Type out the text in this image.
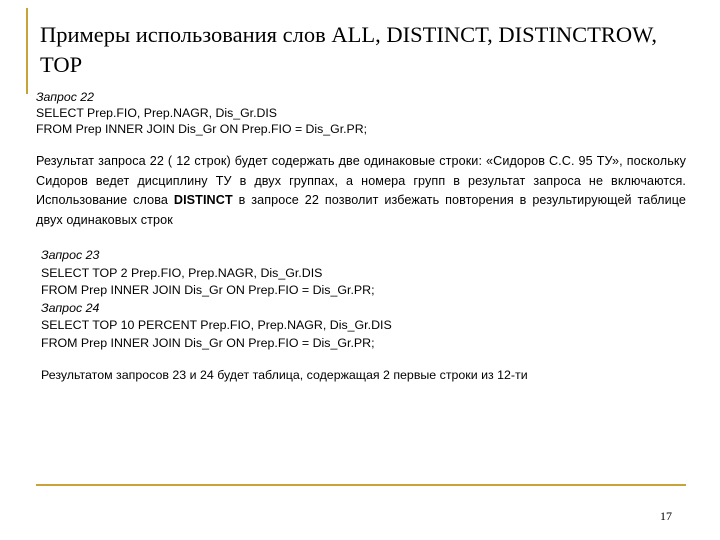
Примеры использования слов ALL, DISTINCT, DISTINCTROW, TOP
Запрос 22
SELECT Prep.FIO, Prep.NAGR, Dis_Gr.DIS
FROM Prep INNER JOIN Dis_Gr ON Prep.FIO = Dis_Gr.PR;
Результат запроса 22 ( 12 строк) будет содержать две одинаковые строки: «Сидоров С.С. 95 ТУ», поскольку Сидоров ведет дисциплину ТУ в двух группах, а номера групп в результат запроса не включаются. Использование слова DISTINCT в запросе 22 позволит избежать повторения в результирующей таблице двух одинаковых строк
Запрос 23
SELECT TOP 2 Prep.FIO, Prep.NAGR, Dis_Gr.DIS
FROM Prep INNER JOIN Dis_Gr ON Prep.FIO = Dis_Gr.PR;
Запрос 24
SELECT TOP 10 PERCENT Prep.FIO, Prep.NAGR, Dis_Gr.DIS
FROM Prep INNER JOIN Dis_Gr ON Prep.FIO = Dis_Gr.PR;
Результатом запросов 23 и 24 будет таблица, содержащая 2 первые строки из 12-ти
17
